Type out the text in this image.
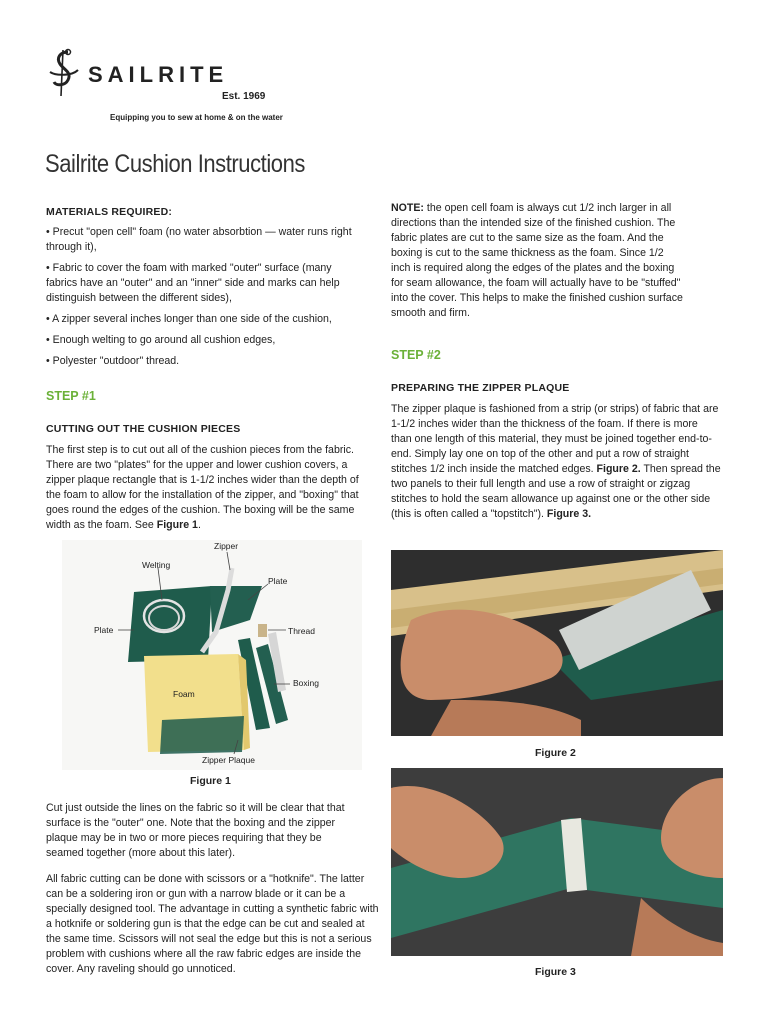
SAILRITE
Est. 1969
Equipping you to sew at home & on the water
Sailrite Cushion Instructions
MATERIALS REQUIRED:

• Precut "open cell" foam (no water absorbtion — water runs right through it),

• Fabric to cover the foam with marked "outer" surface (many fabrics have an "outer" and an "inner" side and marks can help distinguish between the different sides),

• A zipper several inches longer than one side of the cushion,

• Enough welting to go around all cushion edges,

• Polyester "outdoor" thread.

STEP #1
CUTTING OUT THE CUSHION PIECES
The first step is to cut out all of the cushion pieces from the fabric. There are two "plates" for the upper and lower cushion covers, a zipper plaque rectangle that is 1-1/2 inches wider than the depth of the foam to allow for the installation of the zipper, and "boxing" that goes round the edges of the cushion. The boxing will be the same width as the foam. See Figure 1.
Zipper
Welting
Plate
Plate	Thread
Boxing
Foam
Zipper Plaque
Figure 1
Cut just outside the lines on the fabric so it will be clear that that surface is the "outer" one. Note that the boxing and the zipper plaque may be in two or more pieces requiring that they be seamed together (more about this later).
All fabric cutting can be done with scissors or a "hotknife". The latter can be a soldering iron or gun with a narrow blade or it can be a specially designed tool. The advantage in cutting a synthetic fabric with a hotknife or soldering gun is that the edge can be cut and sealed at the same time. Scissors will not seal the edge but this is not a serious problem with cushions where all the raw fabric edges are inside the cover. Any raveling should go unnoticed.
NOTE: the open cell foam is always cut 1/2 inch larger in all directions than the intended size of the finished cushion. The fabric plates are cut to the same size as the foam. And the boxing is cut to the same thickness as the foam. Since 1/2 inch is required along the edges of the plates and the boxing for seam allowance, the foam will actually have to be "stuffed" into the cover. This helps to make the finished cushion surface smooth and firm.
STEP #2
PREPARING THE ZIPPER PLAQUE
The zipper plaque is fashioned from a strip (or strips) of fabric that are 1-1/2 inches wider than the thickness of the foam. If there is more than one length of this material, they must be joined together end-to-end. Simply lay one on top of the other and put a row of straight stitches 1/2 inch inside the matched edges. Figure 2. Then spread the two panels to their full length and use a row of straight or zigzag stitches to hold the seam allowance up against one or the other side (this is often called a "topstitch"). Figure 3.
Figure 2
Figure 3
